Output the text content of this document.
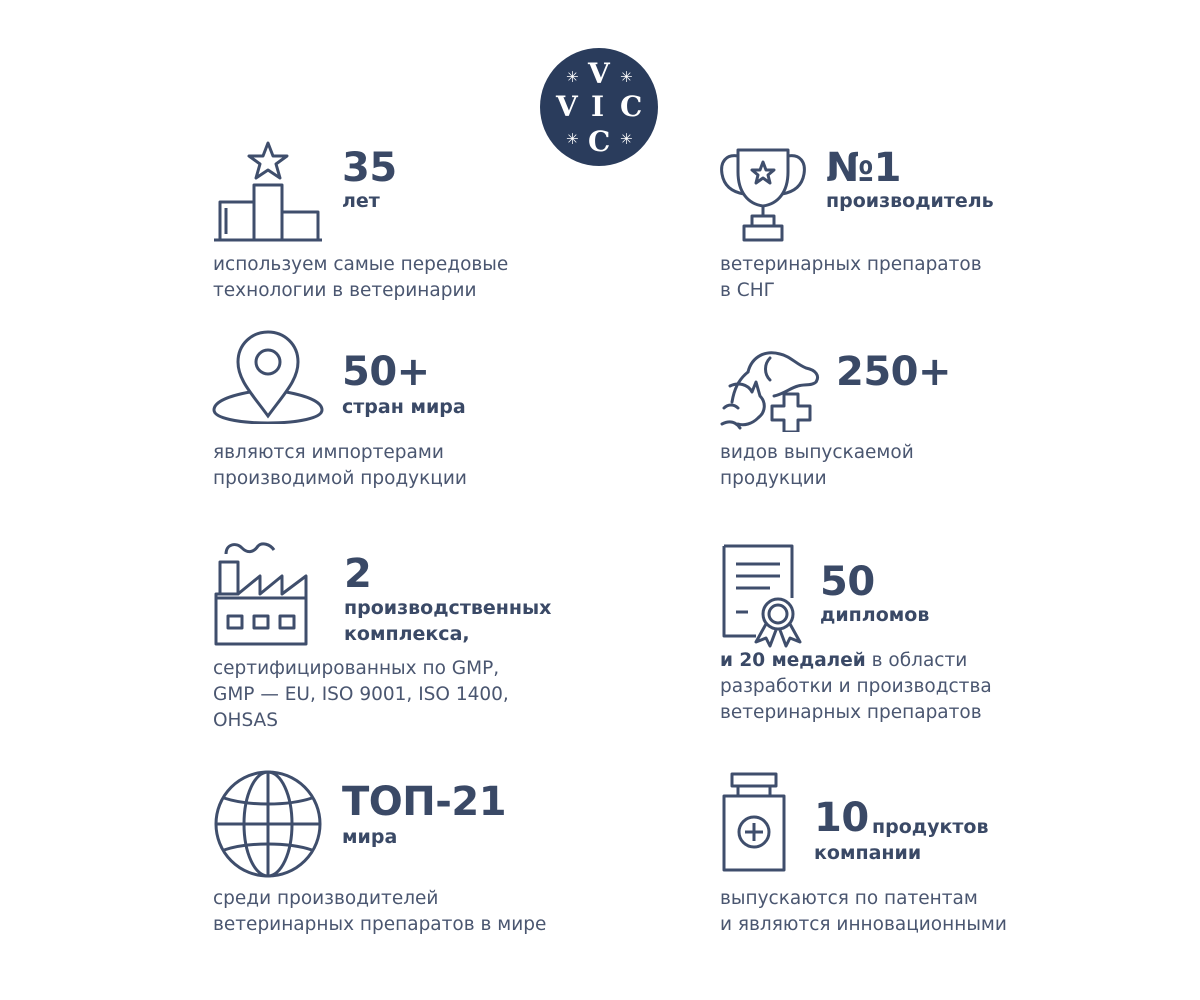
V
✳	✳
V I C
✳	✳
C
35
лет
используем самые передовые
технологии в ветеринарии
№1
производитель
ветеринарных препаратов
в СНГ
50+
стран мира
являются импортерами
производимой продукции
250+
видов выпускаемой
продукции
2
производственных
комплекса,
сертифицированных по GMP,
GMP — EU, ISO 9001, ISO 1400,
OHSAS
50
дипломов
и 20 медалей в области
разработки и производства
ветеринарных препаратов
ТОП-21
мира
среди производителей
ветеринарных препаратов в мире
10 продуктов
компании
выпускаются по патентам
и являются инновационными
